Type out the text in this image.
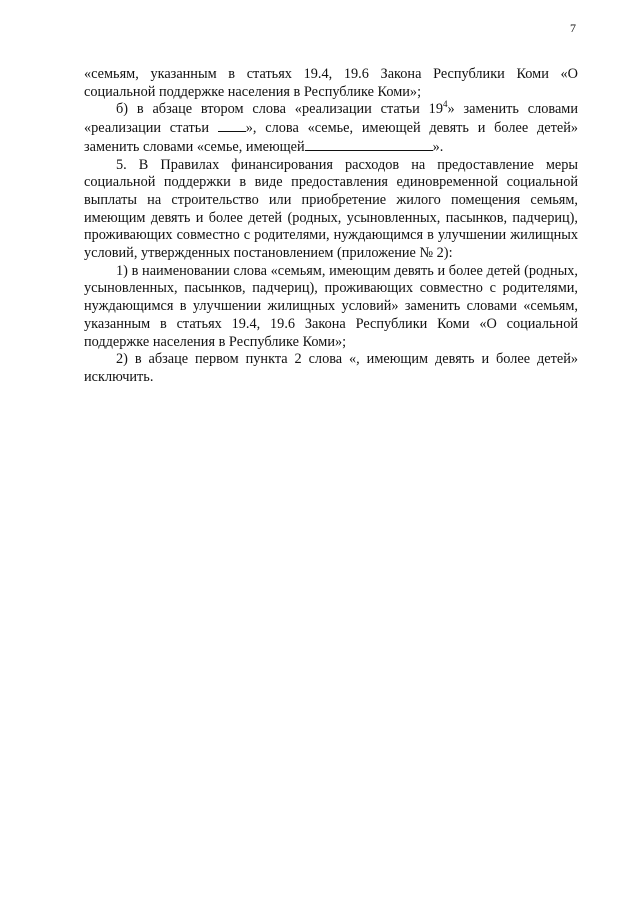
7

«семьям, указанным в статьях 19.4, 19.6 Закона Республики Коми «О социальной поддержке населения в Республике Коми»;

б) в абзаце втором слова «реализации статьи $19^4$» заменить словами «реализации статьи », слова «семье, имеющей девять и более детей» заменить словами «семье, имеющей	».

5. В Правилах финансирования расходов на предоставление меры социальной поддержки в виде предоставления единовременной социальной выплаты на строительство или приобретение жилого помещения семьям, имеющим девять и более детей (родных, усыновленных, пасынков, падчериц), проживающих совместно с родителями, нуждающимся в улучшении жилищных условий, утвержденных постановлением (приложение № 2):

1) в наименовании слова «семьям, имеющим девять и более детей (родных, усыновленных, пасынков, падчериц), проживающих совместно с родителями, нуждающимся в улучшении жилищных условий» заменить словами «семьям, указанным в статьях 19.4, 19.6 Закона Республики Коми «О социальной поддержке населения в Республике Коми»;

2) в абзаце первом пункта 2 слова «, имеющим девять и более детей» исключить.
